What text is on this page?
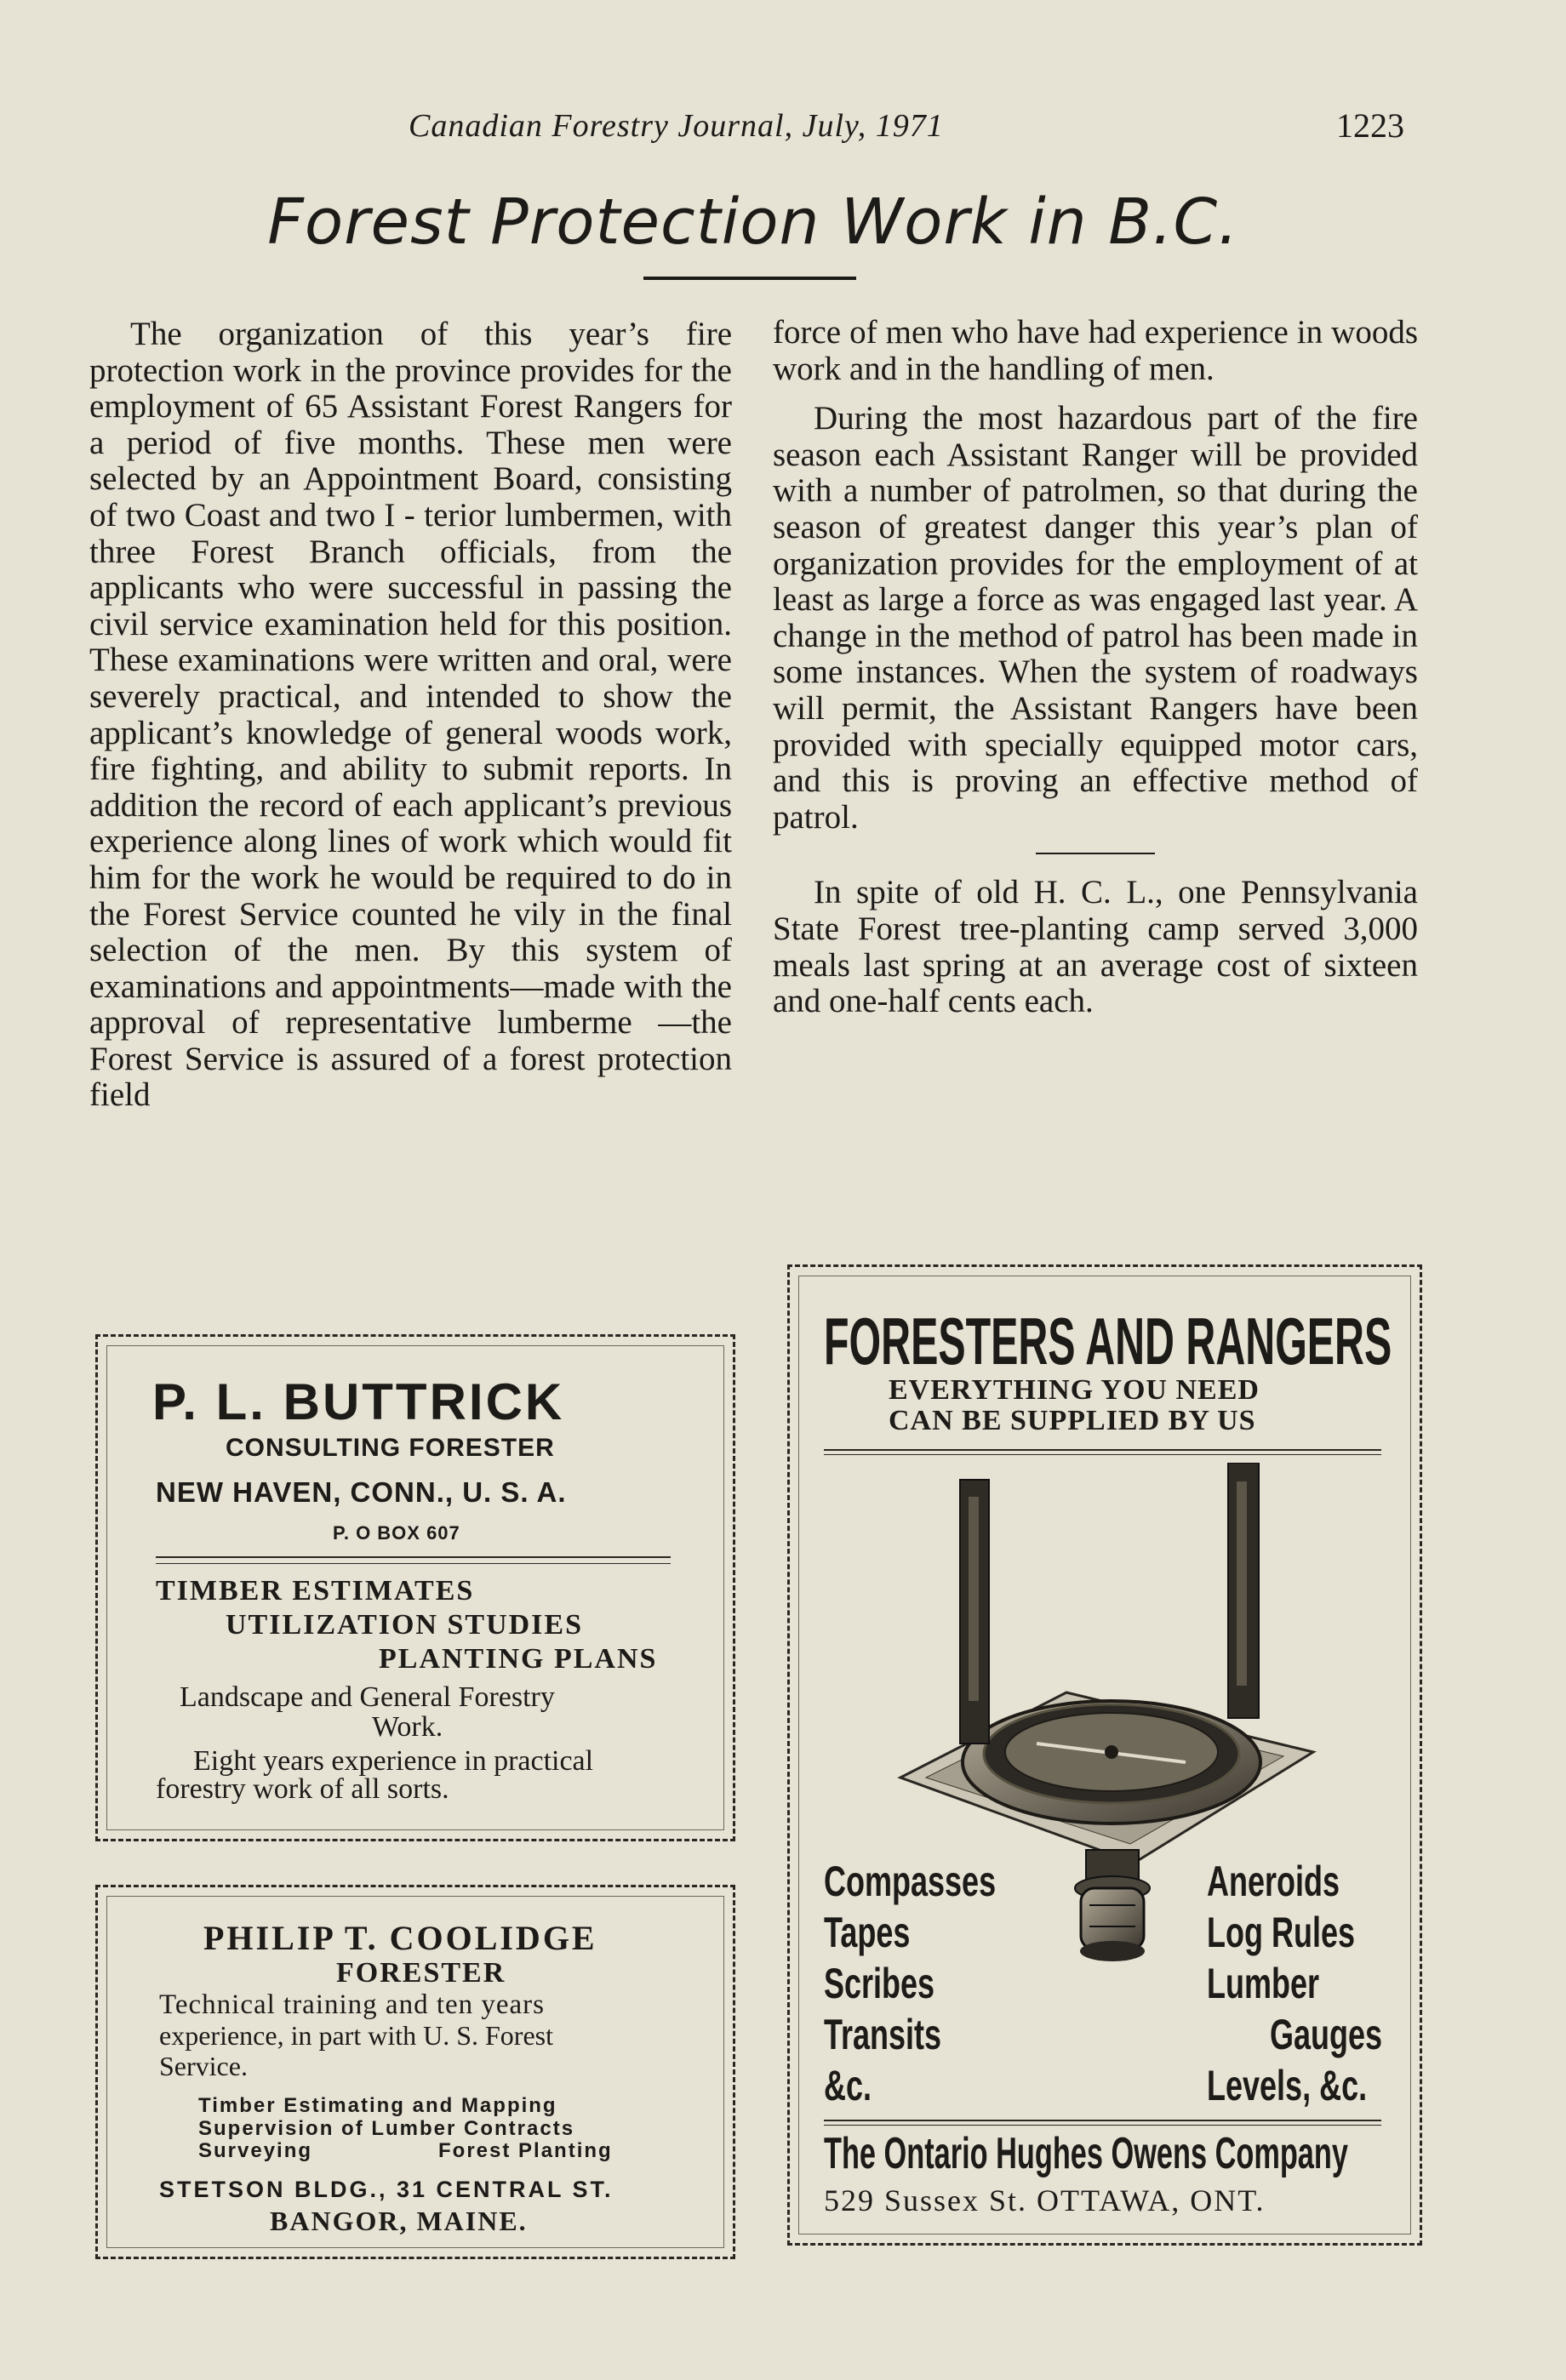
Canadian Forestry Journal, July, 1971	1223
Forest Protection Work in B.C.

The organization of this year’s fire protection work in the province provides for the employment of 65 Assistant Forest Rangers for a period of five months. These men were selected by an Appointment Board, consisting of two Coast and two I - terior lumbermen, with three Forest Branch officials, from the applicants who were successful in passing the civil service examination held for this position. These examinations were written and oral, were severely practical, and intended to show the applicant’s knowledge of general woods work, fire fighting, and ability to submit reports. In addition the record of each applicant’s previous experience along lines of work which would fit him for the work he would be required to do in the Forest Service counted he vily in the final selection of the men. By this system of examinations and appointments—made with the approval of representative lumberme —the Forest Service is assured of a forest protection field

force of men who have had experience in woods work and in the handling of men.

During the most hazardous part of the fire season each Assistant Ranger will be provided with a number of patrolmen, so that during the season of greatest danger this year’s plan of organization provides for the employment of at least as large a force as was engaged last year. A change in the method of patrol has been made in some instances. When the system of roadways will permit, the Assistant Rangers have been provided with specially equipped motor cars, and this is proving an effective method of patrol.

In spite of old H. C. L., one Pennsylvania State Forest tree-planting camp served 3,000 meals last spring at an average cost of sixteen and one-half cents each.

P. L. BUTTRICK
CONSULTING FORESTER
NEW HAVEN, CONN., U. S. A.
P. O BOX 607
TIMBER ESTIMATES
UTILIZATION STUDIES
PLANTING PLANS
Landscape and General Forestry
Work.
Eight years experience in practical
forestry work of all sorts.
PHILIP T. COOLIDGE
FORESTER
Technical training and ten years
experience, in part with U. S. Forest
Service.
Timber Estimating and Mapping
Supervision of Lumber Contracts
Surveying	Forest Planting
STETSON BLDG., 31 CENTRAL ST.
BANGOR, MAINE.
FORESTERS AND RANGERS
EVERYTHING YOU NEED
CAN BE SUPPLIED BY US
Compasses
Tapes
Scribes
Transits
&c.
Aneroids
Log Rules
Lumber
Gauges
Levels, &c.
The Ontario Hughes Owens Company
529 Sussex St. OTTAWA, ONT.
